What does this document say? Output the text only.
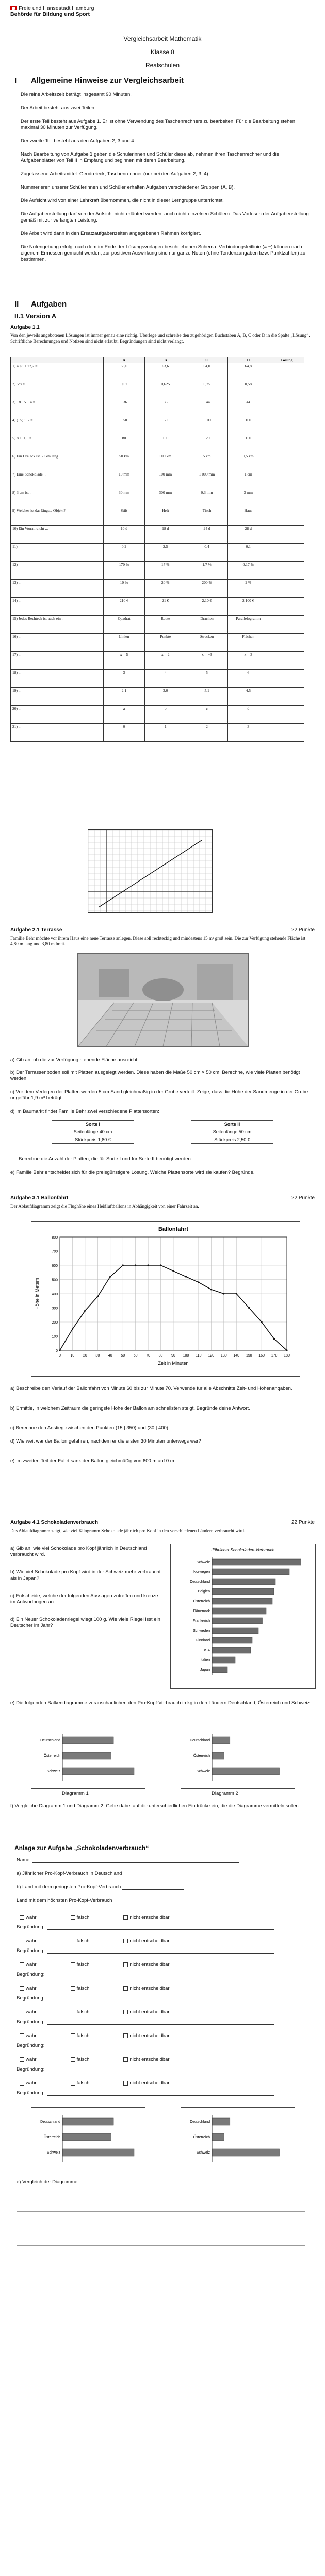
Freie und Hansestadt Hamburg
Behörde für Bildung und Sport
Vergleichsarbeit Mathematik
Klasse 8
Realschulen
I Allgemeine Hinweise zur Vergleichsarbeit
Die reine Arbeitszeit beträgt insgesamt 90 Minuten.
Der Arbeit besteht aus zwei Teilen.
Der erste Teil besteht aus Aufgabe 1. Er ist ohne Verwendung des Taschenrechners zu bearbeiten. Für die Bearbeitung stehen maximal 30 Minuten zur Verfügung.
Der zweite Teil besteht aus den Aufgaben 2, 3 und 4.
Nach Bearbeitung von Aufgabe 1 geben die Schülerinnen und Schüler diese ab, nehmen ihren Taschenrechner und die Aufgabenblätter von Teil II in Empfang und beginnen mit deren Bearbeitung.
Zugelassene Arbeitsmittel: Geodreieck, Taschenrechner (nur bei den Aufgaben 2, 3, 4).
Nummerieren unserer Schülerinnen und Schüler erhalten Aufgaben verschiedener Gruppen (A, B).
Die Aufsicht wird von einer Lehrkraft übernommen, die nicht in dieser Lerngruppe unterrichtet.
Die Aufgabenstellung darf von der Aufsicht nicht erläutert werden, auch nicht einzelnen Schülern. Das Vorlesen der Aufgabenstellung gemäß mit zur verlangten Leistung.
Die Arbeit wird dann in den Ersatzaufgabenzeiten angegebenen Rahmen korrigiert.
Die Notengebung erfolgt nach dem im Ende der Lösungsvorlagen beschriebenen Schema. Verbindungsleitlinie (= −) können nach eigenem Ermessen gemacht werden, zur positiven Auswirkung sind nur ganze Noten (ohne Tendenzangaben bzw. Punktzahlen) zu bestimmen.
II Aufgaben
II.1 Version A
Aufgabe 1.1
Von den jeweils angebotenen Lösungen ist immer genau eine richtig. Überlege und schreibe den zugehörigen Buchstaben A, B, C oder D in die Spalte „Lösung“. Schriftliche Berechnungen und Notizen sind nicht erlaubt. Begründungen sind nicht verlangt.
	A	B	C	D	Lösung
1) 40,8 + 22,2 =	63,0	63,6	64,0	64,8	
2) 5/8 =	0,62	0,625	6,25	0,58	
3) −8 · 5 − 4 =	−36	36	−44	44	
4) (−5)² · 2 =	−50	50	−100	100	
5) 80 · 1,5 =	80	100	120	150	
6) Ein Dreieck ist 50 km lang ...	50 km	500 km	5 km	0,5 km	
7) Eine Schokolade ...	10 mm	100 mm	1 000 mm	1 cm	
8) 3 cm ist ...	30 mm	300 mm	0,3 mm	3 mm	
9) Welches ist das längste Objekt?	Stift	Heft	Tisch	Haus	
10) Ein Vorrat reicht ...	10 d	18 d	24 d	28 d	
11)	0,2	2,5	0,4	0,1	
12)	170 %	17 %	1,7 %	0,17 %	
13) ...	10 %	20 %	200 %	2 %	
14) ...	210 €	21 €	2,10 €	2 100 €	
15) Jedes Rechteck ist auch ein ...	Quadrat	Raute	Drachen	Parallelogramm	
16) ...	Linien	Punkte	Strecken	Flächen	
17) ...	x = 5	x = 2	x = −3	x = 3	
18) ...	3	4	5	6	
19) ...	2,1	3,0	5,1	4,5	
20) ...	a	b	c	d	
21) ...	0	1	2	3	
Aufgabe 2.1 Terrasse	22 Punkte
Familie Behr möchte vor ihrem Haus eine neue Terrasse anlegen. Diese soll rechteckig und mindestens 15 m² groß sein. Die zur Verfügung stehende Fläche ist 4,80 m lang und 3,80 m breit.
a) Gib an, ob die zur Verfügung stehende Fläche ausreicht.
b) Der Terrassenboden soll mit Platten ausgelegt werden. Diese haben die Maße 50 cm × 50 cm. Berechne, wie viele Platten benötigt werden.
c) Vor dem Verlegen der Platten werden 5 cm Sand gleichmäßig in der Grube verteilt. Zeige, dass die Höhe der Sandmenge in der Grube ungefähr 1,9 m³ beträgt.
d) Im Baumarkt findet Familie Behr zwei verschiedene Plattensorten:
Sorte I
Seitenlänge 40 cm
Stückpreis 1,80 €
Sorte II
Seitenlänge 50 cm
Stückpreis 2,50 €
Berechne die Anzahl der Platten, die für Sorte I und für Sorte II benötigt werden.
e) Familie Behr entscheidet sich für die preisgünstigere Lösung. Welche Plattensorte wird sie kaufen? Begründe.
Aufgabe 3.1 Ballonfahrt	22 Punkte
Der Ablaufdiagramm zeigt die Flughöhe eines Heißluftballons in Abhängigkeit von einer Fahrzeit an.
Ballonfahrt
0	10 20 30 40 50 60 70 80 90 100 110 120 130 140 150 160 170 180
0
100
200
300
400
500
600
700
800
Zeit in Minuten
Höhe in Metern
a) Beschreibe den Verlauf der Ballonfahrt von Minute 60 bis zur Minute 70. Verwende für alle Abschnitte Zeit- und Höhenangaben.
b) Ermittle, in welchem Zeitraum die geringste Höhe der Ballon am schnellsten steigt. Begründe deine Antwort.
c) Berechne den Anstieg zwischen den Punkten (15 | 350) und (30 | 400).
d) Wie weit war der Ballon gefahren, nachdem er die ersten 30 Minuten unterwegs war?
e) Im zweiten Teil der Fahrt sank der Ballon gleichmäßig von 600 m auf 0 m.
Aufgabe 4.1 Schokoladenverbrauch	22 Punkte
Das Ablaufdiagramm zeigt, wie viel Kilogramm Schokolade jährlich pro Kopf in den verschiedenen Ländern verbraucht wird.
Jährlicher Schokoladen-Verbrauch
Schweiz
Norwegen
Deutschland
Belgien
Österreich
Dänemark
Frankreich
Schweden
Finnland
USA
Italien
Japan
a) Gib an, wie viel Schokolade pro Kopf jährlich in Deutschland verbraucht wird.
b) Wie viel Schokolade pro Kopf wird in der Schweiz mehr verbraucht als in Japan?
c) Entscheide, welche der folgenden Aussagen zutreffen und kreuze im Antwortbogen an.
d) Ein Neuer Schokoladenriegel wiegt 100 g. Wie viele Riegel isst ein Deutscher im Jahr?
e) Die folgenden Balkendiagramme veranschaulichen den Pro-Kopf-Verbrauch in kg in den Ländern Deutschland, Österreich und Schweiz.
Deutschland
Österreich
Schweiz
Deutschland
Österreich
Schweiz
Diagramm 1	Diagramm 2
f) Vergleiche Diagramm 1 und Diagramm 2. Gehe dabei auf die unterschiedlichen Eindrücke ein, die die Diagramme vermitteln sollen.
Anlage zur Aufgabe „Schokoladenverbrauch“
Name:
a) Jährlicher Pro-Kopf-Verbrauch in Deutschland
b) Land mit dem geringsten Pro-Kopf-Verbrauch
Land mit dem höchsten Pro-Kopf-Verbrauch
wahr	falsch	nicht entscheidbar
Begründung:
wahr	falsch	nicht entscheidbar
Begründung:
wahr	falsch	nicht entscheidbar
Begründung:
wahr	falsch	nicht entscheidbar
Begründung:
wahr	falsch	nicht entscheidbar
Begründung:
wahr	falsch	nicht entscheidbar
Begründung:
wahr	falsch	nicht entscheidbar
Begründung:
wahr	falsch	nicht entscheidbar
Begründung:
Deutschland
Österreich
Schweiz
Deutschland
Österreich
Schweiz
e) Vergleich der Diagramme
